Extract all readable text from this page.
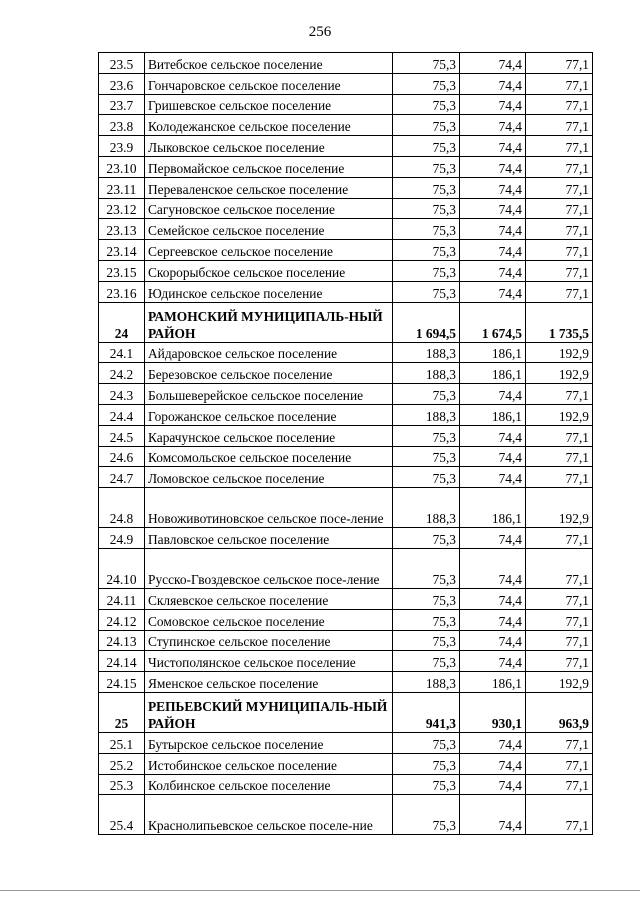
256
23.5	Витебское сельское поселение	75,3	74,4	77,1
23.6	Гончаровское сельское поселение	75,3	74,4	77,1
23.7	Гришевское сельское поселение	75,3	74,4	77,1
23.8	Колодежанское сельское поселение	75,3	74,4	77,1
23.9	Лыковское сельское поселение	75,3	74,4	77,1
23.10	Первомайское сельское поселение	75,3	74,4	77,1
23.11	Перевaленское сельское поселение	75,3	74,4	77,1
23.12	Сагуновское сельское поселение	75,3	74,4	77,1
23.13	Семейское сельское поселение	75,3	74,4	77,1
23.14	Сергеевское сельское поселение	75,3	74,4	77,1
23.15	Скорорыбское сельское поселение	75,3	74,4	77,1
23.16	Юдинское сельское поселение	75,3	74,4	77,1
24	РАМОНСКИЙ МУНИЦИПАЛЬ-НЫЙ РАЙОН	1 694,5	1 674,5	1 735,5
24.1	Айдаровское сельское поселение	188,3	186,1	192,9
24.2	Березовское сельское поселение	188,3	186,1	192,9
24.3	Большеверейское сельское поселение	75,3	74,4	77,1
24.4	Горожанское сельское поселение	188,3	186,1	192,9
24.5	Карачунское сельское поселение	75,3	74,4	77,1
24.6	Комсомольское сельское поселение	75,3	74,4	77,1
24.7	Ломовское сельское поселение	75,3	74,4	77,1
24.8	Новоживотиновское сельское посе-ление	188,3	186,1	192,9
24.9	Павловское сельское поселение	75,3	74,4	77,1
24.10	Русско-Гвоздевское сельское посе-ление	75,3	74,4	77,1
24.11	Скляевское сельское поселение	75,3	74,4	77,1
24.12	Сомовское сельское поселение	75,3	74,4	77,1
24.13	Ступинское сельское поселение	75,3	74,4	77,1
24.14	Чистополянское сельское поселение	75,3	74,4	77,1
24.15	Яменское сельское поселение	188,3	186,1	192,9
25	РЕПЬЕВСКИЙ МУНИЦИПАЛЬ-НЫЙ РАЙОН	941,3	930,1	963,9
25.1	Бутырское сельское поселение	75,3	74,4	77,1
25.2	Истобинское сельское поселение	75,3	74,4	77,1
25.3	Колбинское сельское поселение	75,3	74,4	77,1
25.4	Краснолипьевское сельское поселе-ние	75,3	74,4	77,1
